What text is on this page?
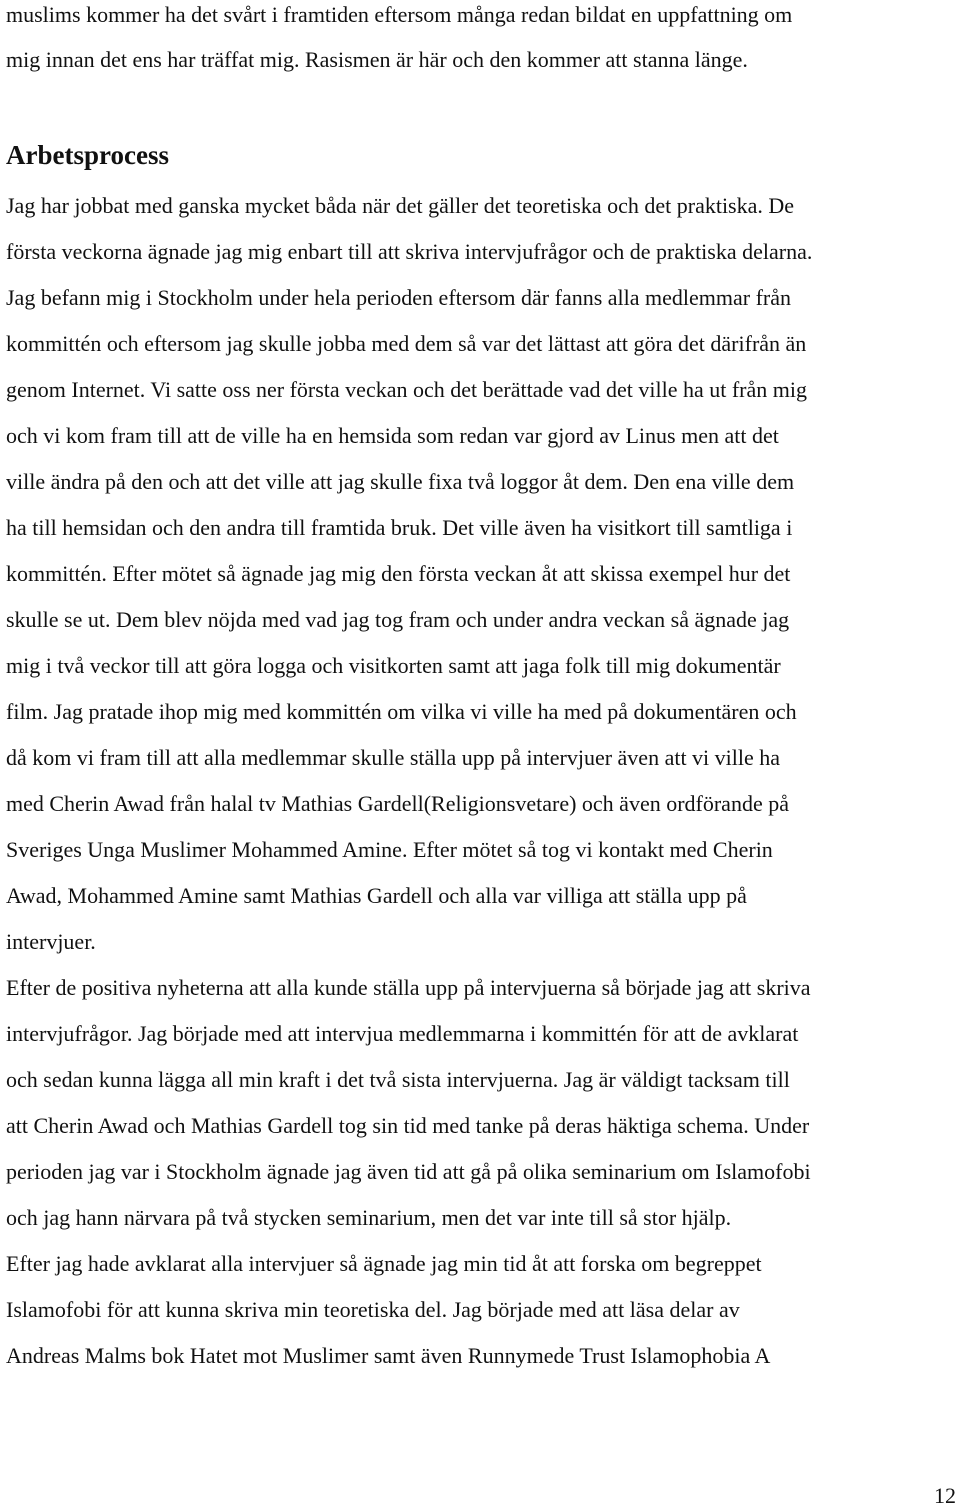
muslims kommer ha det svårt i framtiden eftersom många redan bildat en uppfattning om
mig innan det ens har träffat mig. Rasismen är här och den kommer att stanna länge.
Arbetsprocess
Jag har jobbat med ganska mycket båda när det gäller det teoretiska och det praktiska. De
första veckorna ägnade jag mig enbart till att skriva intervjufrågor och de praktiska delarna.
Jag befann mig i Stockholm under hela perioden eftersom där fanns alla medlemmar från
kommittén och eftersom jag skulle jobba med dem så var det lättast att göra det därifrån än
genom Internet. Vi satte oss ner första veckan och det berättade vad det ville ha ut från mig
och vi kom fram till att de ville ha en hemsida som redan var gjord av Linus men att det
ville ändra på den och att det ville att jag skulle fixa två loggor åt dem. Den ena ville dem
ha till hemsidan och den andra till framtida bruk. Det ville även ha visitkort till samtliga i
kommittén. Efter mötet så ägnade jag mig den första veckan åt att skissa exempel hur det
skulle se ut. Dem blev nöjda med vad jag tog fram och under andra veckan så ägnade jag
mig i två veckor till att göra logga och visitkorten samt att jaga folk till mig dokumentär
film. Jag pratade ihop mig med kommittén om vilka vi ville ha med på dokumentären och
då kom vi fram till att alla medlemmar skulle ställa upp på intervjuer även att vi ville ha
med Cherin Awad från halal tv Mathias Gardell(Religionsvetare) och även ordförande på
Sveriges Unga Muslimer Mohammed Amine. Efter mötet så tog vi kontakt med Cherin
Awad, Mohammed Amine samt Mathias Gardell och alla var villiga att ställa upp på
intervjuer.
Efter de positiva nyheterna att alla kunde ställa upp på intervjuerna så började jag att skriva
intervjufrågor. Jag började med att intervjua medlemmarna i kommittén för att de avklarat
och sedan kunna lägga all min kraft i det två sista intervjuerna. Jag är väldigt tacksam till
att Cherin Awad och Mathias Gardell tog sin tid med tanke på deras häktiga schema. Under
perioden jag var i Stockholm ägnade jag även tid att gå på olika seminarium om Islamofobi
och jag hann närvara på två stycken seminarium, men det var inte till så stor hjälp.
Efter jag hade avklarat alla intervjuer så ägnade jag min tid åt att forska om begreppet
Islamofobi för att kunna skriva min teoretiska del. Jag började med att läsa delar av
Andreas Malms bok Hatet mot Muslimer samt även Runnymede Trust Islamophobia A
12
